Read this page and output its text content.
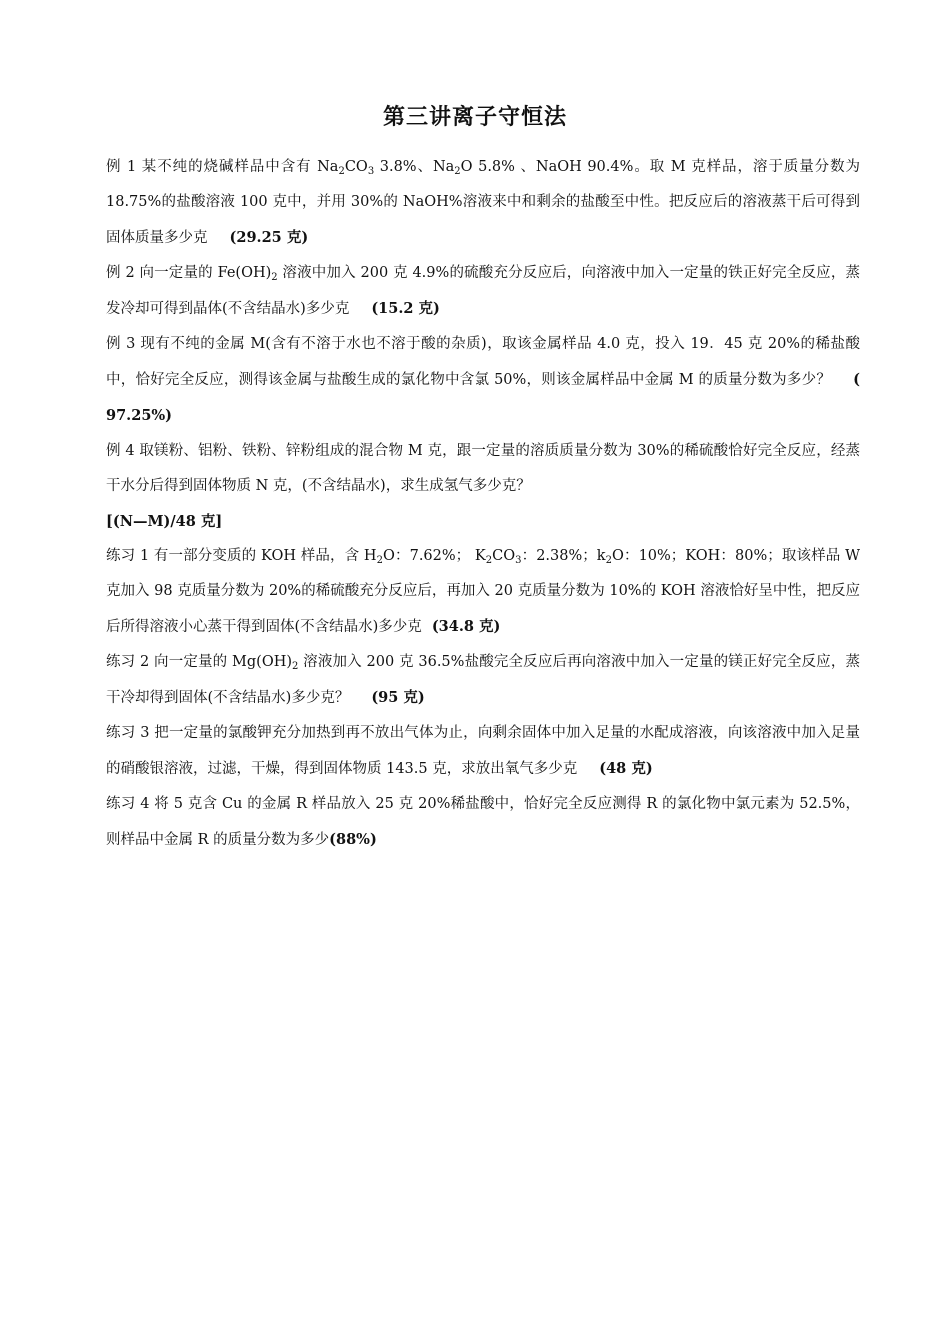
第三讲离子守恒法
例 1 某不纯的烧碱样品中含有 $Na_2CO_3$ 3.8%、$Na_2O$ 5.8% 、NaOH 90.4%。取 M 克样品，溶于质量分数为 18.75%的盐酸溶液 100 克中，并用 30%的 NaOH%溶液来中和剩余的盐酸至中性。把反应后的溶液蒸干后可得到固体质量多少克 (29.25 克)
例 2 向一定量的 $Fe(OH)_2$ 溶液中加入 200 克 4.9%的硫酸充分反应后，向溶液中加入一定量的铁正好完全反应，蒸发冷却可得到晶体(不含结晶水)多少克 (15.2 克)
例 3 现有不纯的金属 M(含有不溶于水也不溶于酸的杂质)，取该金属样品 4.0 克，投入 19．45 克 20%的稀盐酸中，恰好完全反应，测得该金属与盐酸生成的氯化物中含氯 50%，则该金属样品中金属 M 的质量分数为多少？ ( 97.25%)
例 4 取镁粉、铝粉、铁粉、锌粉组成的混合物 M 克，跟一定量的溶质质量分数为 30%的稀硫酸恰好完全反应，经蒸干水分后得到固体物质 N 克，(不含结晶水)，求生成氢气多少克？
[(N—M)/48 克]
练习 1 有一部分变质的 KOH 样品，含 $H_2O$：7.62%； $K_2CO_3$：2.38%；$k_2O$：10%；KOH：80%；取该样品 W 克加入 98 克质量分数为 20%的稀硫酸充分反应后，再加入 20 克质量分数为 10%的 KOH 溶液恰好呈中性，把反应后所得溶液小心蒸干得到固体(不含结晶水)多少克 (34.8 克)
练习 2 向一定量的 $Mg(OH)_2$ 溶液加入 200 克 36.5%盐酸完全反应后再向溶液中加入一定量的镁正好完全反应，蒸干冷却得到固体(不含结晶水)多少克？ (95 克)
练习 3 把一定量的氯酸钾充分加热到再不放出气体为止，向剩余固体中加入足量的水配成溶液，向该溶液中加入足量的硝酸银溶液，过滤，干燥，得到固体物质 143.5 克，求放出氧气多少克 (48 克)
练习 4 将 5 克含 Cu 的金属 R 样品放入 25 克 20%稀盐酸中，恰好完全反应测得 R 的氯化物中氯元素为 52.5%，则样品中金属 R 的质量分数为多少(88%)
